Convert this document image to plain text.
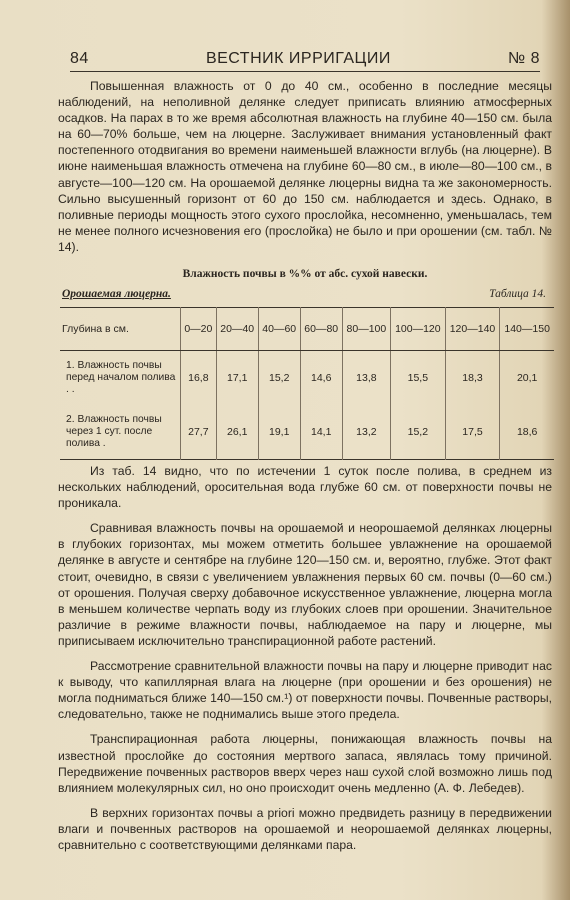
84	ВЕСТНИК ИРРИГАЦИИ	№ 8

Повышенная влажность от 0 до 40 см., особенно в последние месяцы наблюдений, на неполивной делянке следует приписать влиянию атмосферных осадков. На парах в то же время абсолютная влажность на глубине 40—150 см. была на 60—70% больше, чем на люцерне. Заслуживает внимания установленный факт постепенного отодвигания во времени наименьшей влажности вглубь (на люцерне). В июне наименьшая влажность отмечена на глубине 60—80 см., в июле—80—100 см., в августе—100—120 см. На орошаемой делянке люцерны видна та же закономерность. Сильно высушенный горизонт от 60 до 150 см. наблюдается и здесь. Однако, в поливные периоды мощность этого сухого прослойка, несомненно, уменьшалась, тем не менее полного исчезновения его (прослойка) не было и при орошении (см. табл. № 14).

Влажность почвы в %% от абс. сухой навески.
Орошаемая люцерна.	Таблица 14.
Глубина в см.	0—20	20—40	40—60	60—80	80—100	100—120	120—140	140—150
1. Влажность почвы перед началом полива . .	16,8	17,1	15,2	14,6	13,8	15,5	18,3	20,1
2. Влажность почвы через 1 сут. после полива .	27,7	26,1	19,1	14,1	13,2	15,2	17,5	18,6

Из таб. 14 видно, что по истечении 1 суток после полива, в среднем из нескольких наблюдений, оросительная вода глубже 60 см. от поверхности почвы не проникала.

Сравнивая влажность почвы на орошаемой и неорошаемой делянках люцерны в глубоких горизонтах, мы можем отметить большее увлажнение на орошаемой делянке в августе и сентябре на глубине 120—150 см. и, вероятно, глубже. Этот факт стоит, очевидно, в связи с увеличением увлажнения первых 60 см. почвы (0—60 см.) от орошения. Получая сверху добавочное искусственное увлажнение, люцерна могла в меньшем количестве черпать воду из глубоких слоев при орошении. Значительное различие в режиме влажности почвы, наблюдаемое на пару и люцерне, мы приписываем исключительно транспирационной работе растений.

Рассмотрение сравнительной влажности почвы на пару и люцерне приводит нас к выводу, что капиллярная влага на люцерне (при орошении и без орошения) не могла подниматься ближе 140—150 см.¹) от поверхности почвы. Почвенные растворы, следовательно, также не поднимались выше этого предела.

Транспирационная работа люцерны, понижающая влажность почвы на известной прослойке до состояния мертвого запаса, являлась тому причиной. Передвижение почвенных растворов вверх через наш сухой слой возможно лишь под влиянием молекулярных сил, но оно происходит очень медленно (А. Ф. Лебедев).

В верхних горизонтах почвы a priori можно предвидеть разницу в передвижении влаги и почвенных растворов на орошаемой и неорошаемой делянках люцерны, сравнительно с соответствующими делянками пара.
